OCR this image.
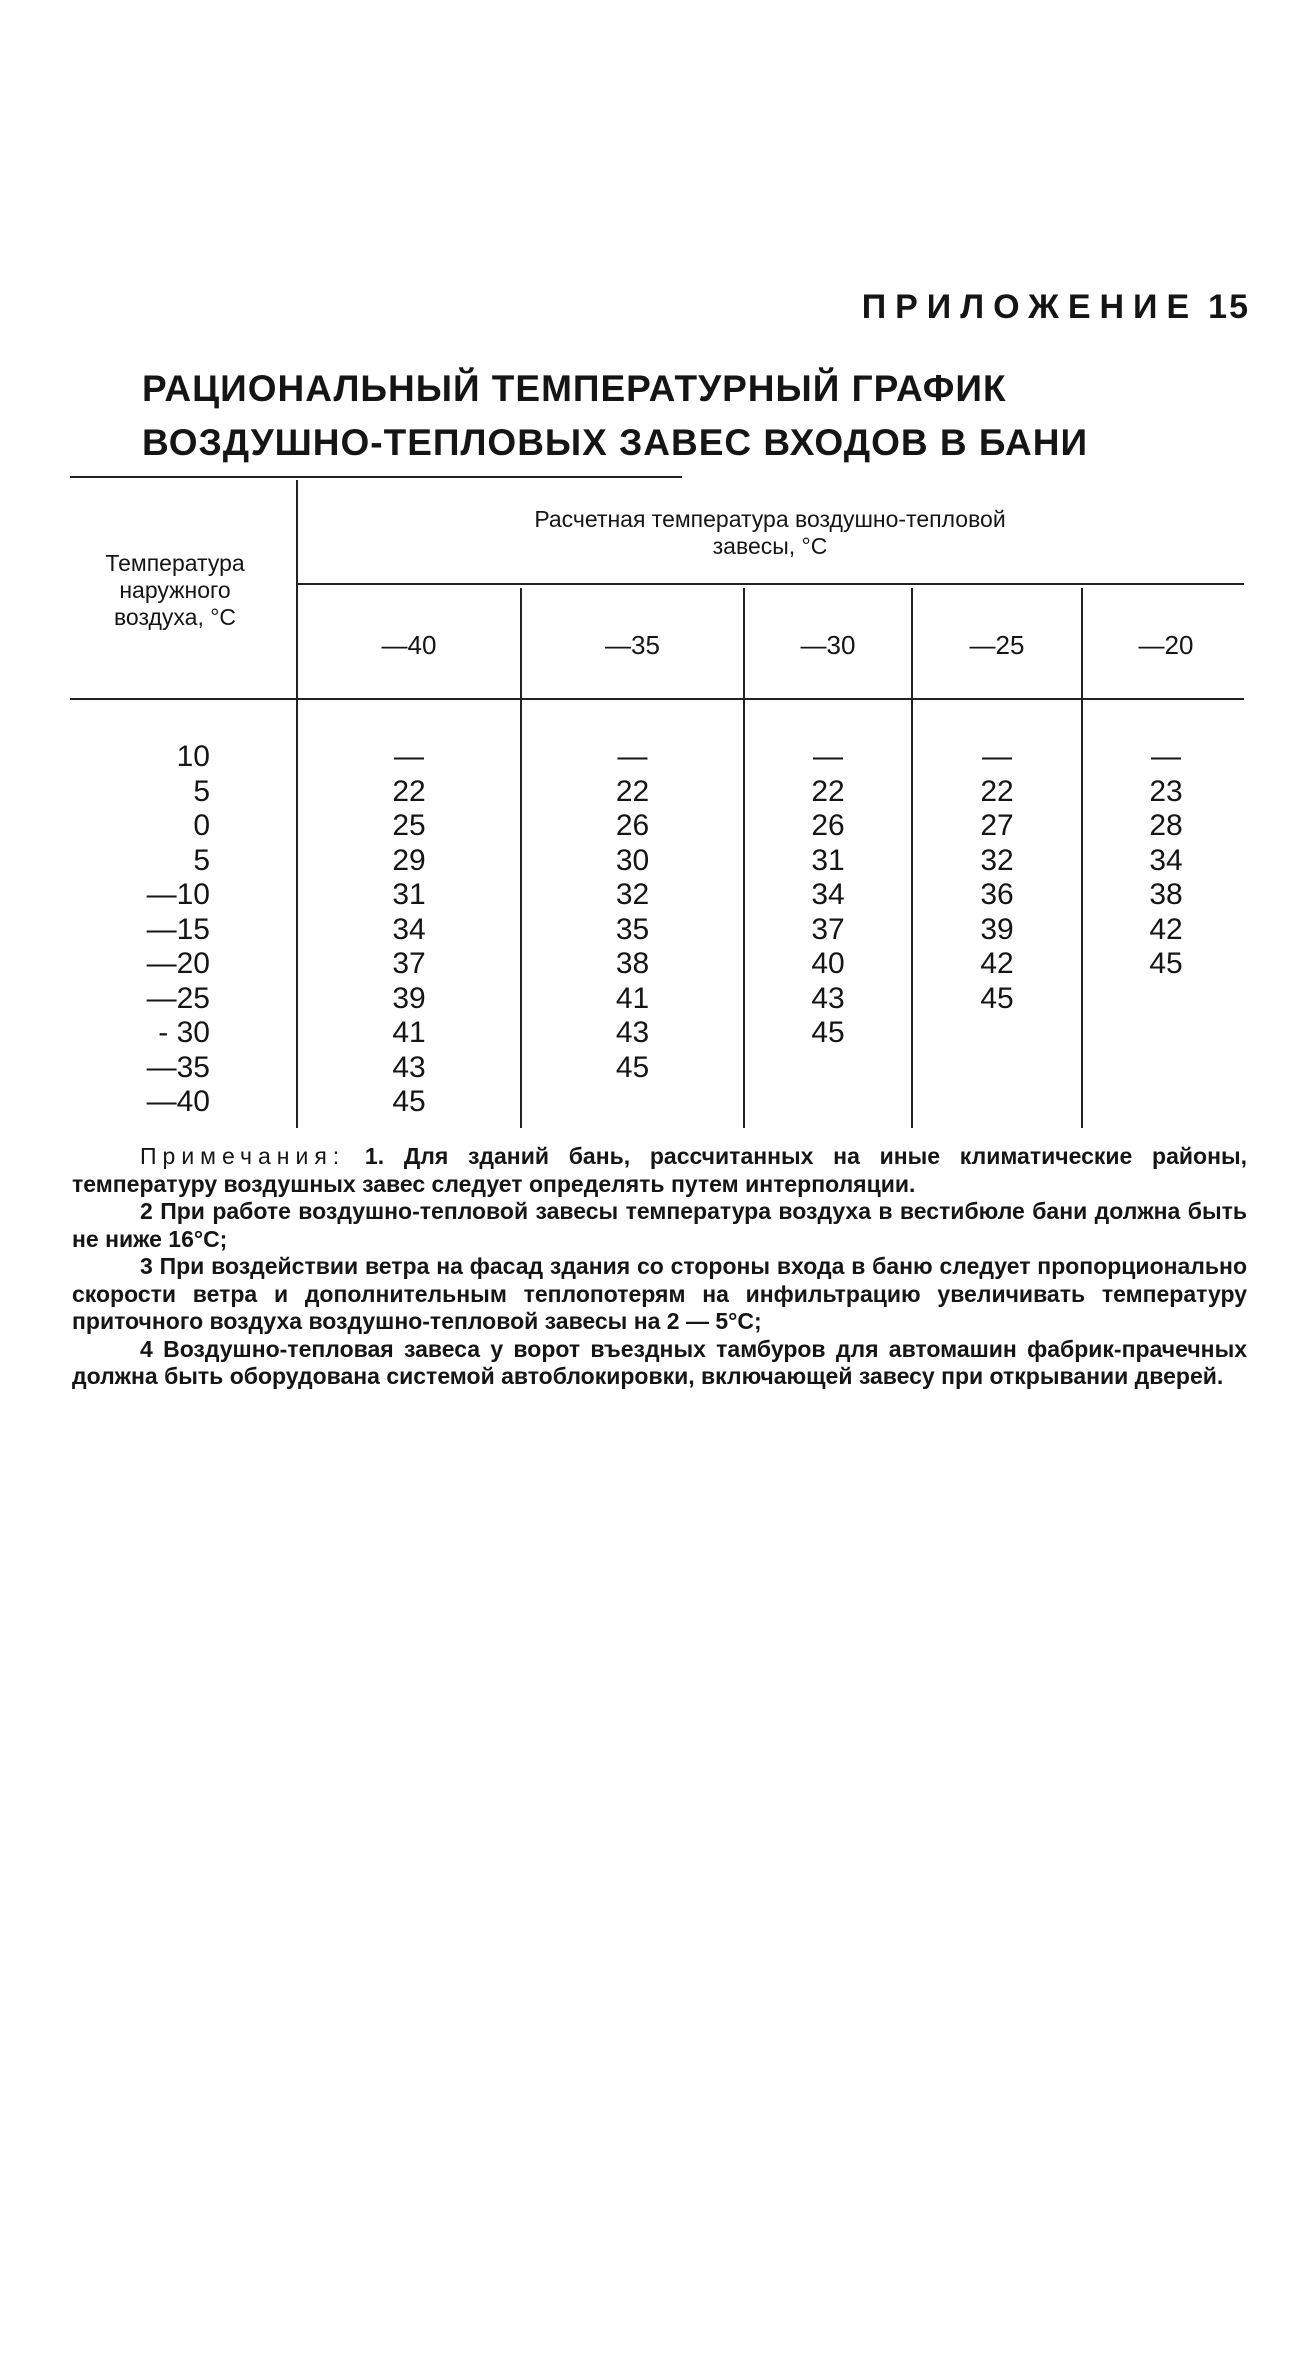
ПРИЛОЖЕНИЕ 15
РАЦИОНАЛЬНЫЙ ТЕМПЕРАТУРНЫЙ ГРАФИК
ВОЗДУШНО-ТЕПЛОВЫХ ЗАВЕС ВХОДОВ В БАНИ
Температура
наружного
воздуха, °С
Расчетная температура воздушно-тепловой
завесы, °С
—40	—35	—30	—25	—20
10	—	—	—	—	—
5	22	22	22	22	23
0	25	26	26	27	28
5	29	30	31	32	34
—10	31	32	34	36	38
—15	34	35	37	39	42
—20	37	38	40	42	45
—25	39	41	43	45
- 30	41	43	45
—35	43	45
—40	45

Примечания: 1. Для зданий бань, рассчитанных на иные климатические районы, температуру воздушных завес следует определять путем интерполяции.

2 При работе воздушно-тепловой завесы температура воздуха в вестибюле бани должна быть не ниже 16°С;

3 При воздействии ветра на фасад здания со стороны входа в баню следует пропорционально скорости ветра и дополнительным теплопотерям на инфильтрацию увеличивать температуру приточного воздуха воздушно-тепловой завесы на 2 — 5°С;

4 Воздушно-тепловая завеса у ворот въездных тамбуров для автомашин фабрик-прачечных должна быть оборудована системой автоблокировки, включающей завесу при открывании дверей.
